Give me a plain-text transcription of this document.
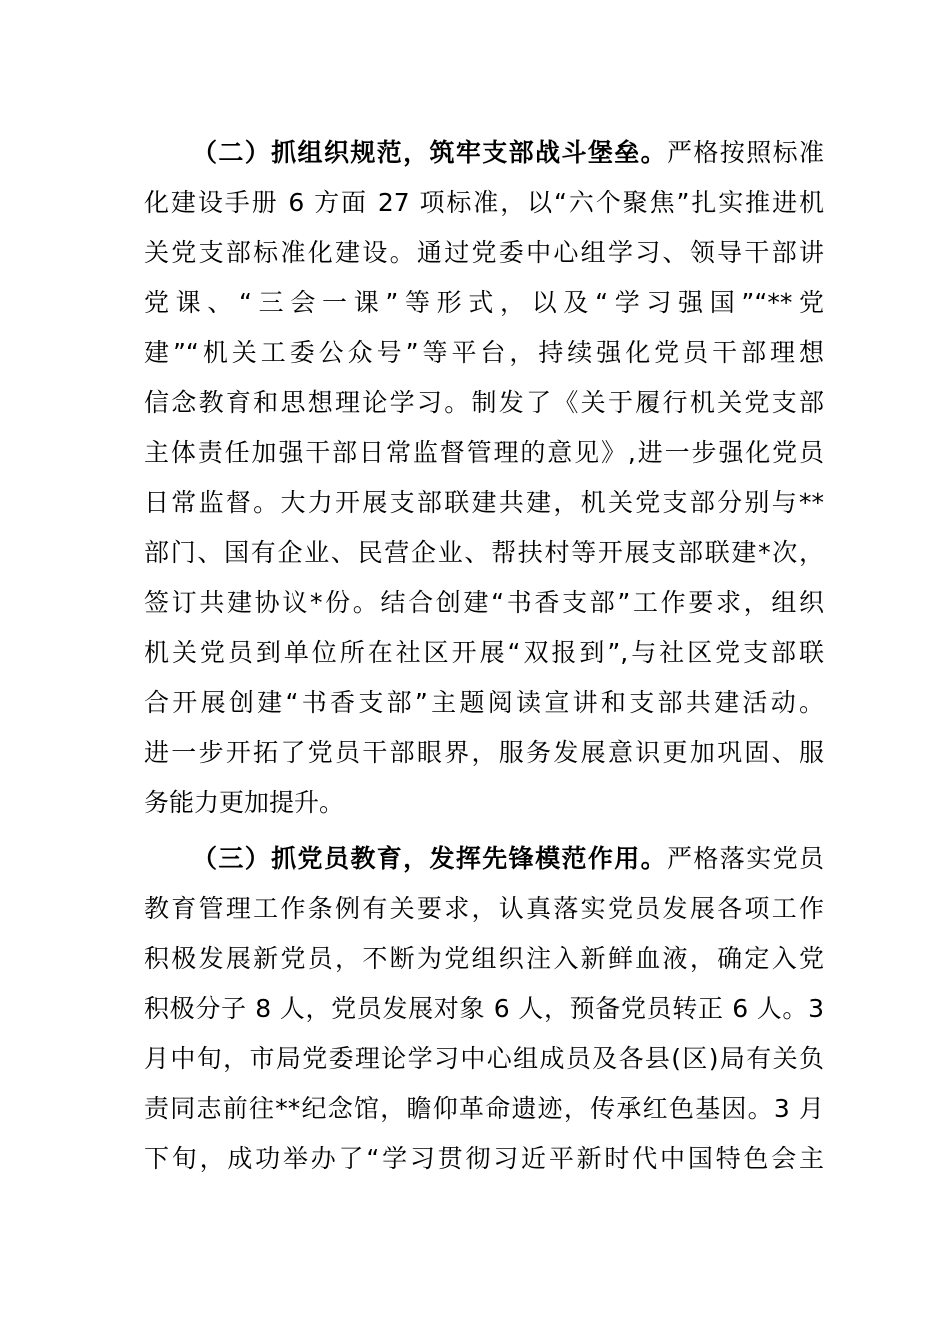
（二）抓组织规范，筑牢支部战斗堡垒。严格按照标准
化建设手册 6 方面 27 项标准，以“六个聚焦”扎实推进机
关党支部标准化建设。通过党委中心组学习、领导干部讲
党课、“三会一课”等形式，以及“学习强国”“**党
建”“机关工委公众号”等平台，持续强化党员干部理想
信念教育和思想理论学习。制发了《关于履行机关党支部
主体责任加强干部日常监督管理的意见》,进一步强化党员
日常监督。大力开展支部联建共建，机关党支部分别与**
部门、国有企业、民营企业、帮扶村等开展支部联建*次，
签订共建协议*份。结合创建“书香支部”工作要求，组织
机关党员到单位所在社区开展“双报到”,与社区党支部联
合开展创建“书香支部”主题阅读宣讲和支部共建活动。
进一步开拓了党员干部眼界，服务发展意识更加巩固、服
务能力更加提升。
（三）抓党员教育，发挥先锋模范作用。严格落实党员
教育管理工作条例有关要求，认真落实党员发展各项工作
积极发展新党员，不断为党组织注入新鲜血液，确定入党
积极分子 8 人，党员发展对象 6 人，预备党员转正 6 人。3
月中旬，市局党委理论学习中心组成员及各县(区)局有关负
责同志前往**纪念馆，瞻仰革命遗迹，传承红色基因。3 月
下旬，成功举办了“学习贯彻习近平新时代中国特色会主
